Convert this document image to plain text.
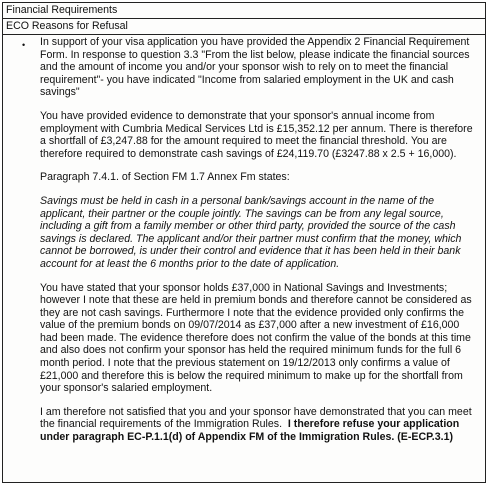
Financial Requirements
ECO Reasons for Refusal
• In support of your visa application you have provided the Appendix 2 Financial Requirement Form. In response to question 3.3 "From the list below, please indicate the financial sources and the amount of income you and/or your sponsor wish to rely on to meet the financial requirement"- you have indicated "Income from salaried employment in the UK and cash savings"

You have provided evidence to demonstrate that your sponsor's annual income from employment with Cumbria Medical Services Ltd is £15,352.12 per annum. There is therefore a shortfall of £3,247.88 for the amount required to meet the financial threshold. You are therefore required to demonstrate cash savings of £24,119.70 (£3247.88 x 2.5 + 16,000).

Paragraph 7.4.1. of Section FM 1.7 Annex Fm states:

Savings must be held in cash in a personal bank/savings account in the name of the applicant, their partner or the couple jointly. The savings can be from any legal source, including a gift from a family member or other third party, provided the source of the cash savings is declared. The applicant and/or their partner must confirm that the money, which cannot be borrowed, is under their control and evidence that it has been held in their bank account for at least the 6 months prior to the date of application.

You have stated that your sponsor holds £37,000 in National Savings and Investments; however I note that these are held in premium bonds and therefore cannot be considered as they are not cash savings. Furthermore I note that the evidence provided only confirms the value of the premium bonds on 09/07/2014 as £37,000 after a new investment of £16,000 had been made. The evidence therefore does not confirm the value of the bonds at this time and also does not confirm your sponsor has held the required minimum funds for the full 6 month period. I note that the previous statement on 19/12/2013 only confirms a value of £21,000 and therefore this is below the required minimum to make up for the shortfall from your sponsor's salaried employment.

I am therefore not satisfied that you and your sponsor have demonstrated that you can meet the financial requirements of the Immigration Rules. I therefore refuse your application under paragraph EC-P.1.1(d) of Appendix FM of the Immigration Rules. (E-ECP.3.1)
